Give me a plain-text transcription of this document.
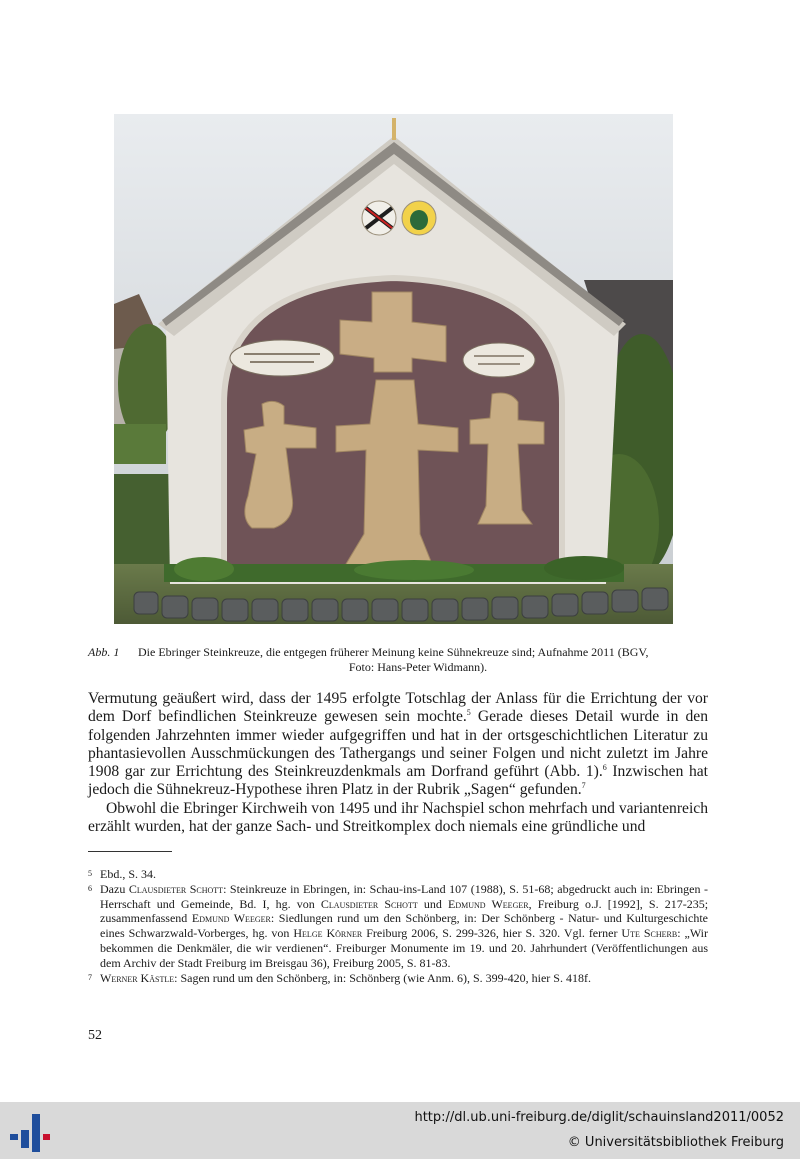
Abb. 1 Die Ebringer Steinkreuze, die entgegen früherer Meinung keine Sühnekreuze sind; Aufnahme 2011 (BGV,
Foto: Hans-Peter Widmann).

Vermutung geäußert wird, dass der 1495 erfolgte Totschlag der Anlass für die Errichtung der vor dem Dorf befindlichen Steinkreuze gewesen sein mochte.$^5$ Gerade dieses Detail wurde in den folgenden Jahrzehnten immer wieder aufgegriffen und hat in der ortsgeschichtlichen Literatur zu phantasievollen Ausschmückungen des Tathergangs und seiner Folgen und nicht zuletzt im Jahre 1908 gar zur Errichtung des Steinkreuzdenkmals am Dorfrand geführt (Abb. 1).$^6$ Inzwischen hat jedoch die Sühnekreuz-Hypothese ihren Platz in der Rubrik „Sagen“ gefunden.$^7$

Obwohl die Ebringer Kirchweih von 1495 und ihr Nachspiel schon mehrfach und variantenreich erzählt wurden, hat der ganze Sach- und Streitkomplex doch niemals eine gründliche und

5 Ebd., S. 34.
6 Dazu Clausdieter Schott: Steinkreuze in Ebringen, in: Schau-ins-Land 107 (1988), S. 51-68; abgedruckt auch in: Ebringen - Herrschaft und Gemeinde, Bd. I, hg. von Clausdieter Schott und Edmund Weeger, Freiburg o.J. [1992], S. 217-235; zusammenfassend Edmund Weeger: Siedlungen rund um den Schönberg, in: Der Schönberg - Natur- und Kulturgeschichte eines Schwarzwald-Vorberges, hg. von Helge Körner Freiburg 2006, S. 299-326, hier S. 320. Vgl. ferner Ute Scherb: „Wir bekommen die Denkmäler, die wir verdienen“. Freiburger Monumente im 19. und 20. Jahrhundert (Veröffentlichungen aus dem Archiv der Stadt Freiburg im Breisgau 36), Freiburg 2005, S. 81-83.
7 Werner Kästle: Sagen rund um den Schönberg, in: Schönberg (wie Anm. 6), S. 399-420, hier S. 418f.
52
http://dl.ub.uni-freiburg.de/diglit/schauinsland2011/0052
© Universitätsbibliothek Freiburg
